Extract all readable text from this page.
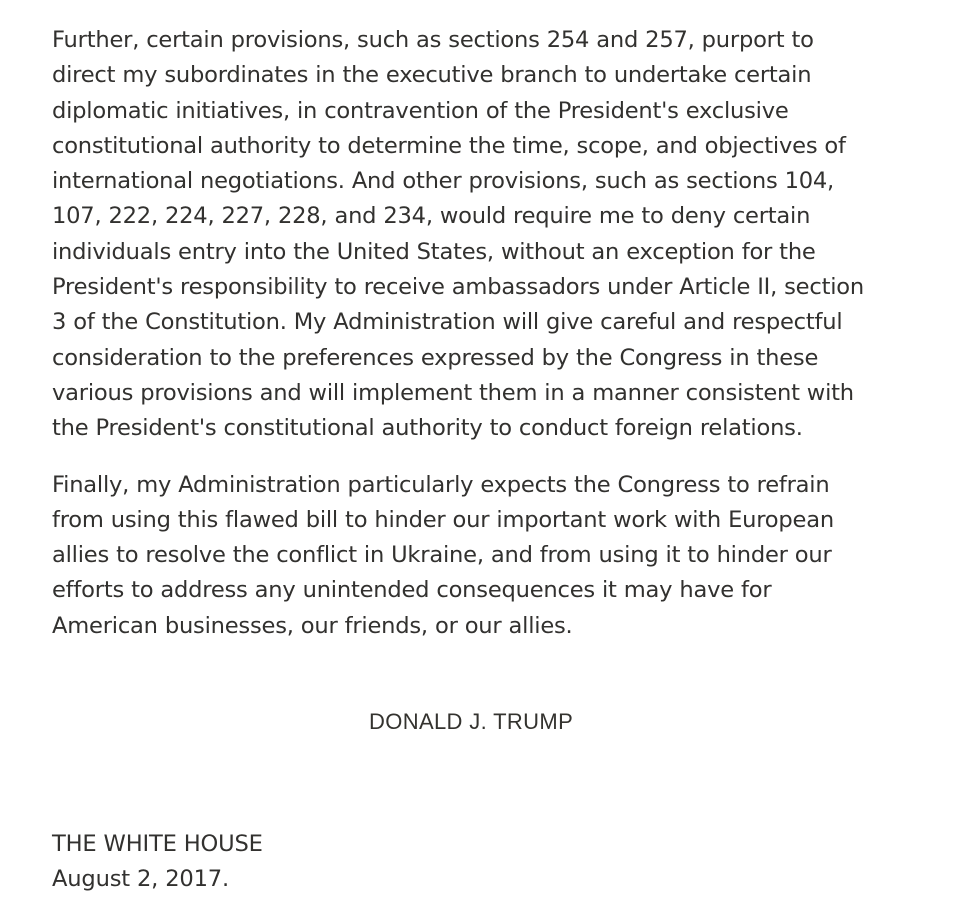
Further, certain provisions, such as sections 254 and 257, purport to direct my subordinates in the executive branch to undertake certain diplomatic initiatives, in contravention of the President's exclusive constitutional authority to determine the time, scope, and objectives of international negotiations. And other provisions, such as sections 104, 107, 222, 224, 227, 228, and 234, would require me to deny certain individuals entry into the United States, without an exception for the President's responsibility to receive ambassadors under Article II, section 3 of the Constitution. My Administration will give careful and respectful consideration to the preferences expressed by the Congress in these various provisions and will implement them in a manner consistent with the President's constitutional authority to conduct foreign relations.

Finally, my Administration particularly expects the Congress to refrain from using this flawed bill to hinder our important work with European allies to resolve the conflict in Ukraine, and from using it to hinder our efforts to address any unintended consequences it may have for American businesses, our friends, or our allies.

DONALD J. TRUMP
THE WHITE HOUSE
August 2, 2017.
